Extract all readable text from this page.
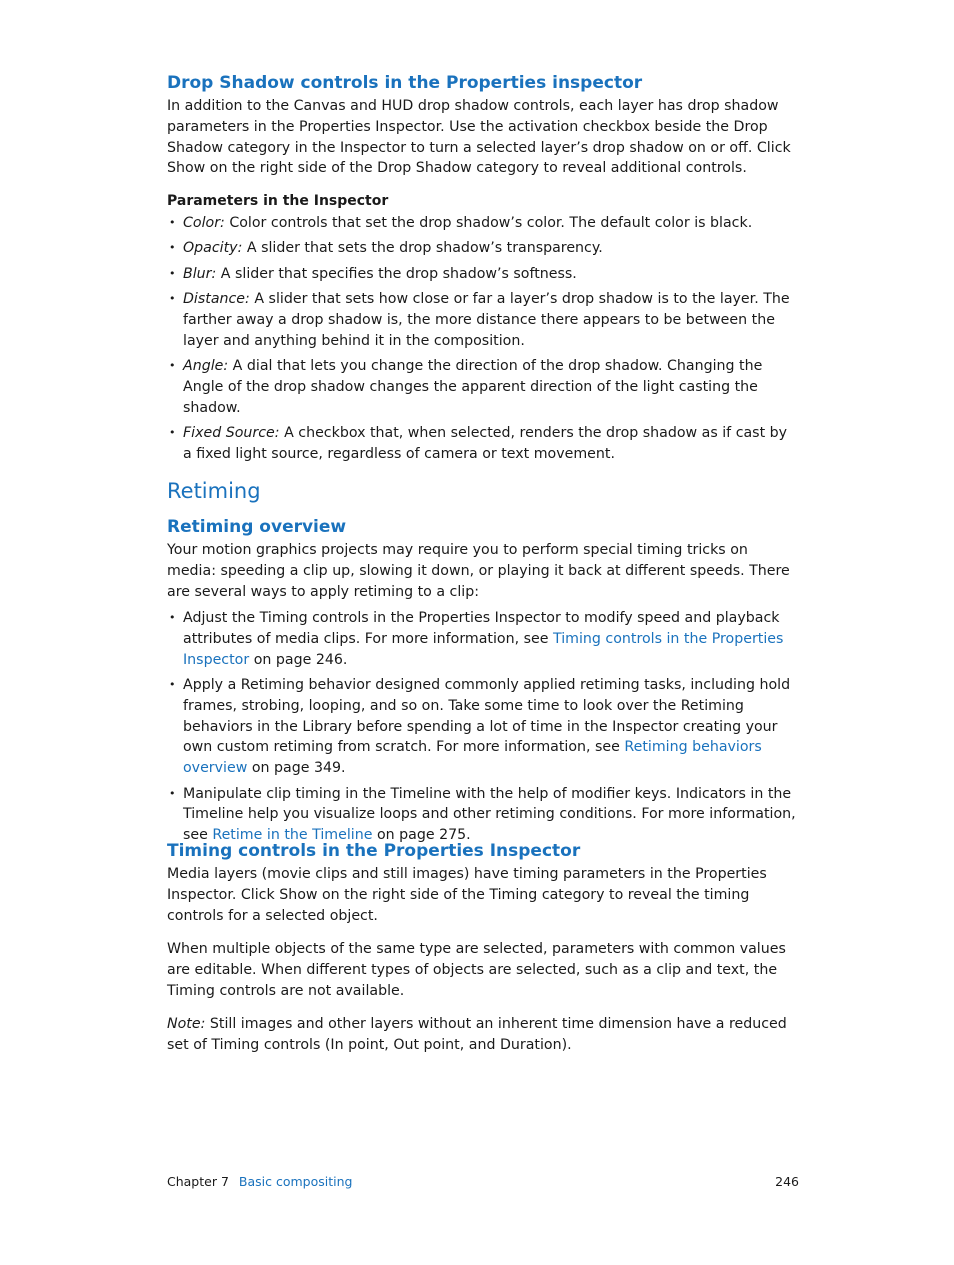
Drop Shadow controls in the Properties inspector

In addition to the Canvas and HUD drop shadow controls, each layer has drop shadow parameters in the Properties Inspector. Use the activation checkbox beside the Drop Shadow category in the Inspector to turn a selected layer’s drop shadow on or off. Click Show on the right side of the Drop Shadow category to reveal additional controls.

Parameters in the Inspector

• Color: Color controls that set the drop shadow’s color. The default color is black.
• Opacity: A slider that sets the drop shadow’s transparency.
• Blur: A slider that specifies the drop shadow’s softness.
• Distance: A slider that sets how close or far a layer’s drop shadow is to the layer. The farther away a drop shadow is, the more distance there appears to be between the layer and anything behind it in the composition.
• Angle: A dial that lets you change the direction of the drop shadow. Changing the Angle of the drop shadow changes the apparent direction of the light casting the shadow.
• Fixed Source: A checkbox that, when selected, renders the drop shadow as if cast by a fixed light source, regardless of camera or text movement.
Retiming
Retiming overview

Your motion graphics projects may require you to perform special timing tricks on media: speeding a clip up, slowing it down, or playing it back at different speeds. There are several ways to apply retiming to a clip:

• Adjust the Timing controls in the Properties Inspector to modify speed and playback attributes of media clips. For more information, see Timing controls in the Properties Inspector on page 246.
• Apply a Retiming behavior designed commonly applied retiming tasks, including hold frames, strobing, looping, and so on. Take some time to look over the Retiming behaviors in the Library before spending a lot of time in the Inspector creating your own custom retiming from scratch. For more information, see Retiming behaviors overview on page 349.
• Manipulate clip timing in the Timeline with the help of modifier keys. Indicators in the Timeline help you visualize loops and other retiming conditions. For more information, see Retime in the Timeline on page 275.
Timing controls in the Properties Inspector

Media layers (movie clips and still images) have timing parameters in the Properties Inspector. Click Show on the right side of the Timing category to reveal the timing controls for a selected object.

When multiple objects of the same type are selected, parameters with common values are editable. When different types of objects are selected, such as a clip and text, the Timing controls are not available.

Note: Still images and other layers without an inherent time dimension have a reduced set of Timing controls (In point, Out point, and Duration).

Chapter 7 Basic compositing	246
